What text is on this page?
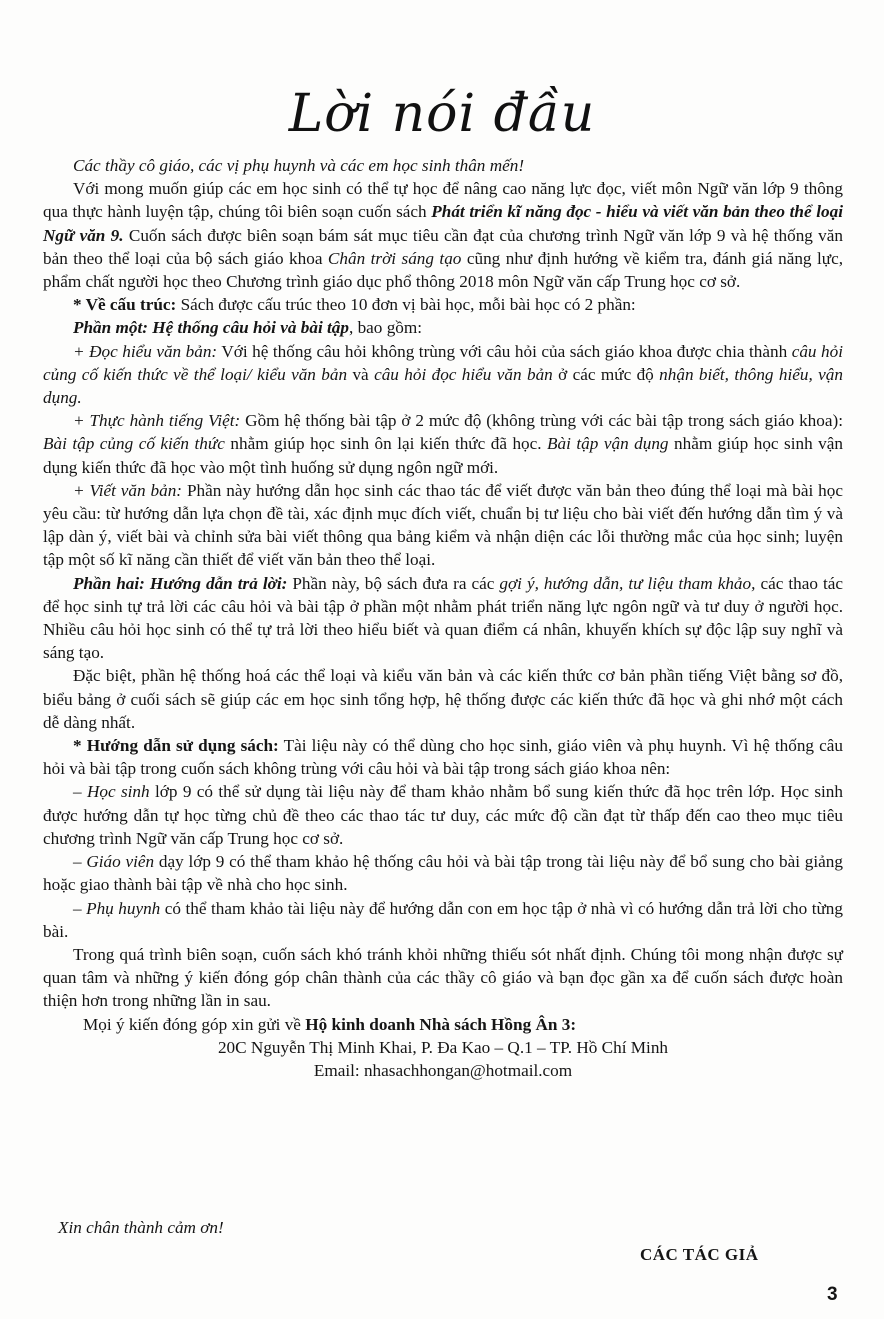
Lời nói đầu

Các thầy cô giáo, các vị phụ huynh và các em học sinh thân mến!

Với mong muốn giúp các em học sinh có thể tự học để nâng cao năng lực đọc, viết môn Ngữ văn lớp 9 thông qua thực hành luyện tập, chúng tôi biên soạn cuốn sách Phát triển kĩ năng đọc - hiểu và viết văn bản theo thể loại Ngữ văn 9. Cuốn sách được biên soạn bám sát mục tiêu cần đạt của chương trình Ngữ văn lớp 9 và hệ thống văn bản theo thể loại của bộ sách giáo khoa Chân trời sáng tạo cũng như định hướng về kiểm tra, đánh giá năng lực, phẩm chất người học theo Chương trình giáo dục phổ thông 2018 môn Ngữ văn cấp Trung học cơ sở.

* Về cấu trúc: Sách được cấu trúc theo 10 đơn vị bài học, mỗi bài học có 2 phần:

Phần một: Hệ thống câu hỏi và bài tập, bao gồm:

+ Đọc hiểu văn bản: Với hệ thống câu hỏi không trùng với câu hỏi của sách giáo khoa được chia thành câu hỏi củng cố kiến thức về thể loại/ kiểu văn bản và câu hỏi đọc hiểu văn bản ở các mức độ nhận biết, thông hiểu, vận dụng.

+ Thực hành tiếng Việt: Gồm hệ thống bài tập ở 2 mức độ (không trùng với các bài tập trong sách giáo khoa): Bài tập củng cố kiến thức nhằm giúp học sinh ôn lại kiến thức đã học. Bài tập vận dụng nhằm giúp học sinh vận dụng kiến thức đã học vào một tình huống sử dụng ngôn ngữ mới.

+ Viết văn bản: Phần này hướng dẫn học sinh các thao tác để viết được văn bản theo đúng thể loại mà bài học yêu cầu: từ hướng dẫn lựa chọn đề tài, xác định mục đích viết, chuẩn bị tư liệu cho bài viết đến hướng dẫn tìm ý và lập dàn ý, viết bài và chỉnh sửa bài viết thông qua bảng kiểm và nhận diện các lỗi thường mắc của học sinh; luyện tập một số kĩ năng cần thiết để viết văn bản theo thể loại.

Phần hai: Hướng dẫn trả lời: Phần này, bộ sách đưa ra các gợi ý, hướng dẫn, tư liệu tham khảo, các thao tác để học sinh tự trả lời các câu hỏi và bài tập ở phần một nhằm phát triển năng lực ngôn ngữ và tư duy ở người học. Nhiều câu hỏi học sinh có thể tự trả lời theo hiểu biết và quan điểm cá nhân, khuyến khích sự độc lập suy nghĩ và sáng tạo.

Đặc biệt, phần hệ thống hoá các thể loại và kiểu văn bản và các kiến thức cơ bản phần tiếng Việt bằng sơ đồ, biểu bảng ở cuối sách sẽ giúp các em học sinh tổng hợp, hệ thống được các kiến thức đã học và ghi nhớ một cách dễ dàng nhất.

* Hướng dẫn sử dụng sách: Tài liệu này có thể dùng cho học sinh, giáo viên và phụ huynh. Vì hệ thống câu hỏi và bài tập trong cuốn sách không trùng với câu hỏi và bài tập trong sách giáo khoa nên:

– Học sinh lớp 9 có thể sử dụng tài liệu này để tham khảo nhằm bổ sung kiến thức đã học trên lớp. Học sinh được hướng dẫn tự học từng chủ đề theo các thao tác tư duy, các mức độ cần đạt từ thấp đến cao theo mục tiêu chương trình Ngữ văn cấp Trung học cơ sở.

– Giáo viên dạy lớp 9 có thể tham khảo hệ thống câu hỏi và bài tập trong tài liệu này để bổ sung cho bài giảng hoặc giao thành bài tập về nhà cho học sinh.

– Phụ huynh có thể tham khảo tài liệu này để hướng dẫn con em học tập ở nhà vì có hướng dẫn trả lời cho từng bài.

Trong quá trình biên soạn, cuốn sách khó tránh khỏi những thiếu sót nhất định. Chúng tôi mong nhận được sự quan tâm và những ý kiến đóng góp chân thành của các thầy cô giáo và bạn đọc gần xa để cuốn sách được hoàn thiện hơn trong những lần in sau.

Mọi ý kiến đóng góp xin gửi về Hộ kinh doanh Nhà sách Hồng Ân 3:

20C Nguyễn Thị Minh Khai, P. Đa Kao – Q.1 – TP. Hồ Chí Minh

Email: nhasachhongan@hotmail.com

Xin chân thành cảm ơn!
CÁC TÁC GIẢ
3
